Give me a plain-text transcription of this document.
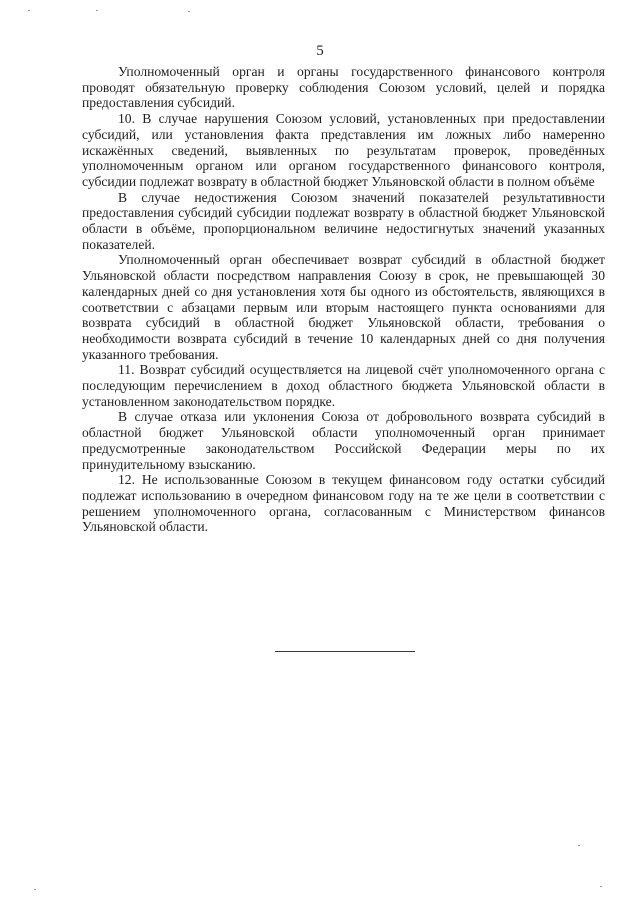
5

Уполномоченный орган и органы государственного финансового контроля проводят обязательную проверку соблюдения Союзом условий, целей и порядка предоставления субсидий.

10. В случае нарушения Союзом условий, установленных при предоставлении субсидий, или установления факта представления им ложных либо намеренно искажённых сведений, выявленных по результатам проверок, проведённых уполномоченным органом или органом государственного финансового контроля, субсидии подлежат возврату в областной бюджет Ульяновской области в полном объёме

В случае недостижения Союзом значений показателей результативности предоставления субсидий субсидии подлежат возврату в областной бюджет Ульяновской области в объёме, пропорциональном величине недостигнутых значений указанных показателей.

Уполномоченный орган обеспечивает возврат субсидий в областной бюджет Ульяновской области посредством направления Союзу в срок, не превышающей 30 календарных дней со дня установления хотя бы одного из обстоятельств, являющихся в соответствии с абзацами первым или вторым настоящего пункта основаниями для возврата субсидий в областной бюджет Ульяновской области, требования о необходимости возврата субсидий в течение 10 календарных дней со дня получения указанного требования.

11. Возврат субсидий осуществляется на лицевой счёт уполномоченного органа с последующим перечислением в доход областного бюджета Ульяновской области в установленном законодательством порядке.

В случае отказа или уклонения Союза от добровольного возврата субсидий в областной бюджет Ульяновской области уполномоченный орган принимает предусмотренные законодательством Российской Федерации меры по их принудительному взысканию.

12. Не использованные Союзом в текущем финансовом году остатки субсидий подлежат использованию в очередном финансовом году на те же цели в соответствии с решением уполномоченного органа, согласованным с Министерством финансов Ульяновской области.
